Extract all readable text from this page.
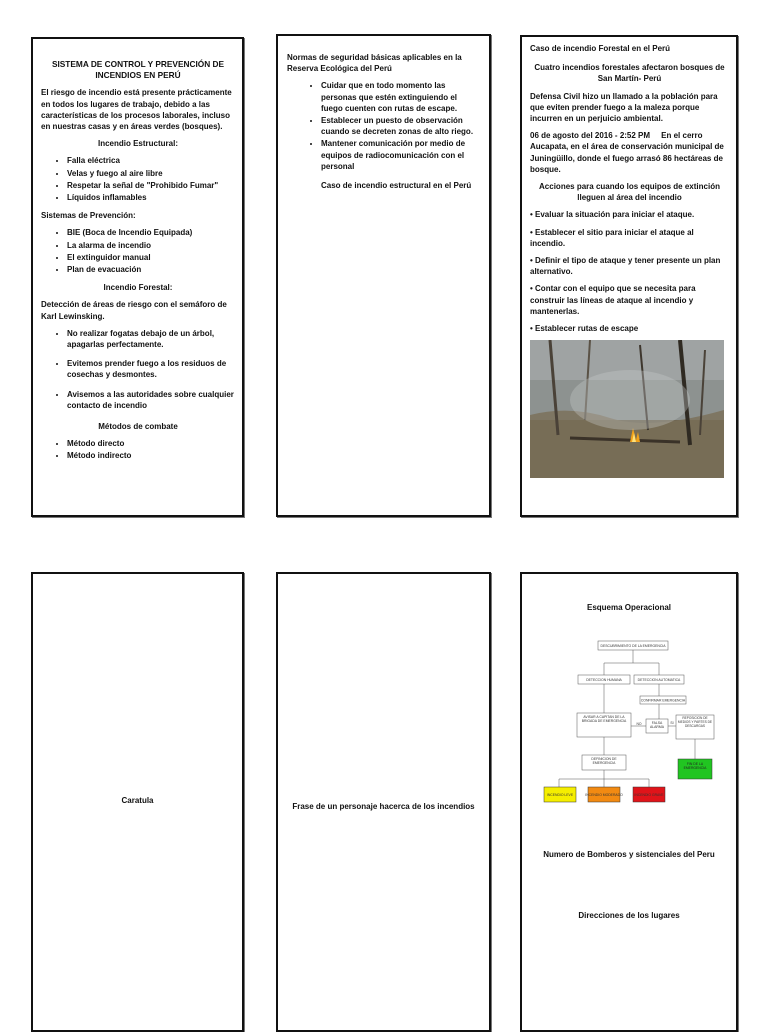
SISTEMA DE CONTROL Y PREVENCIÓN DE INCENDIOS EN PERÚ
El riesgo de incendio está presente prácticamente en todos los lugares de trabajo, debido a las características de los procesos laborales, incluso en nuestras casas y en áreas verdes (bosques).
Incendio Estructural:
• Falla eléctrica
• Velas y fuego al aire libre
• Respetar la señal de "Prohibido Fumar"
• Líquidos inflamables
Sistemas de Prevención:
• BIE (Boca de Incendio Equipada)
• La alarma de incendio
• El extinguidor manual
• Plan de evacuación
Incendio Forestal:
Detección de áreas de riesgo con el semáforo de Karl Lewinsking.
• No realizar fogatas debajo de un árbol, apagarlas perfectamente.
• Evitemos prender fuego a los residuos de cosechas y desmontes.
• Avisemos a las autoridades sobre cualquier contacto de incendio
Métodos de combate
• Método directo
• Método indirecto
Normas de seguridad básicas aplicables en la Reserva Ecológica del Perú
• Cuidar que en todo momento las personas que estén extinguiendo el fuego cuenten con rutas de escape.
• Establecer un puesto de observación cuando se decreten zonas de alto riego.
• Mantener comunicación por medio de equipos de radiocomunicación con el personal
Caso de incendio estructural en el Perú
Caso de incendio Forestal en el Perú
Cuatro incendios forestales afectaron bosques de San Martín- Perú
Defensa Civil hizo un llamado a la población para que eviten prender fuego a la maleza porque incurren en un perjuicio ambiental.
06 de agosto del 2016 - 2:52 PM     En el cerro Aucapata, en el área de conservación municipal de Juningüillo, donde el fuego arrasó 86 hectáreas de bosque.
Acciones para cuando los equipos de extinción lleguen al área del incendio
• Evaluar la situación para iniciar el ataque.
• Establecer el sitio para iniciar el ataque al incendio.
• Definir el tipo de ataque y tener presente un plan alternativo.
• Contar con el equipo que se necesita para construir las líneas de ataque al incendio y mantenerlas.
• Establecer rutas de escape
Caratula
Frase de un personaje hacerca de los incendios
Esquema Operacional
DESCUBRIMIENTO DE LA EMERGENCIA
DETECCION HUMANA	DETECCION AUTOMATICA
CONFIRMAR EMERGENCIA
AVISAR A CAPITAN DE LA BRIGADA DE EMERGENCIA	FALSA ALARMA
REPOSICION DE MEDIOS Y PARTES DE DESCARGAS
DEFINICION DE EMERGENCIA	FIN DE LA EMERGENCIA
NO	SI
INCENDIO LEVE	INCENDIO MODERADO	INCENDIO GRAVE
Numero de Bomberos y sistenciales del Peru
Direcciones de los lugares
